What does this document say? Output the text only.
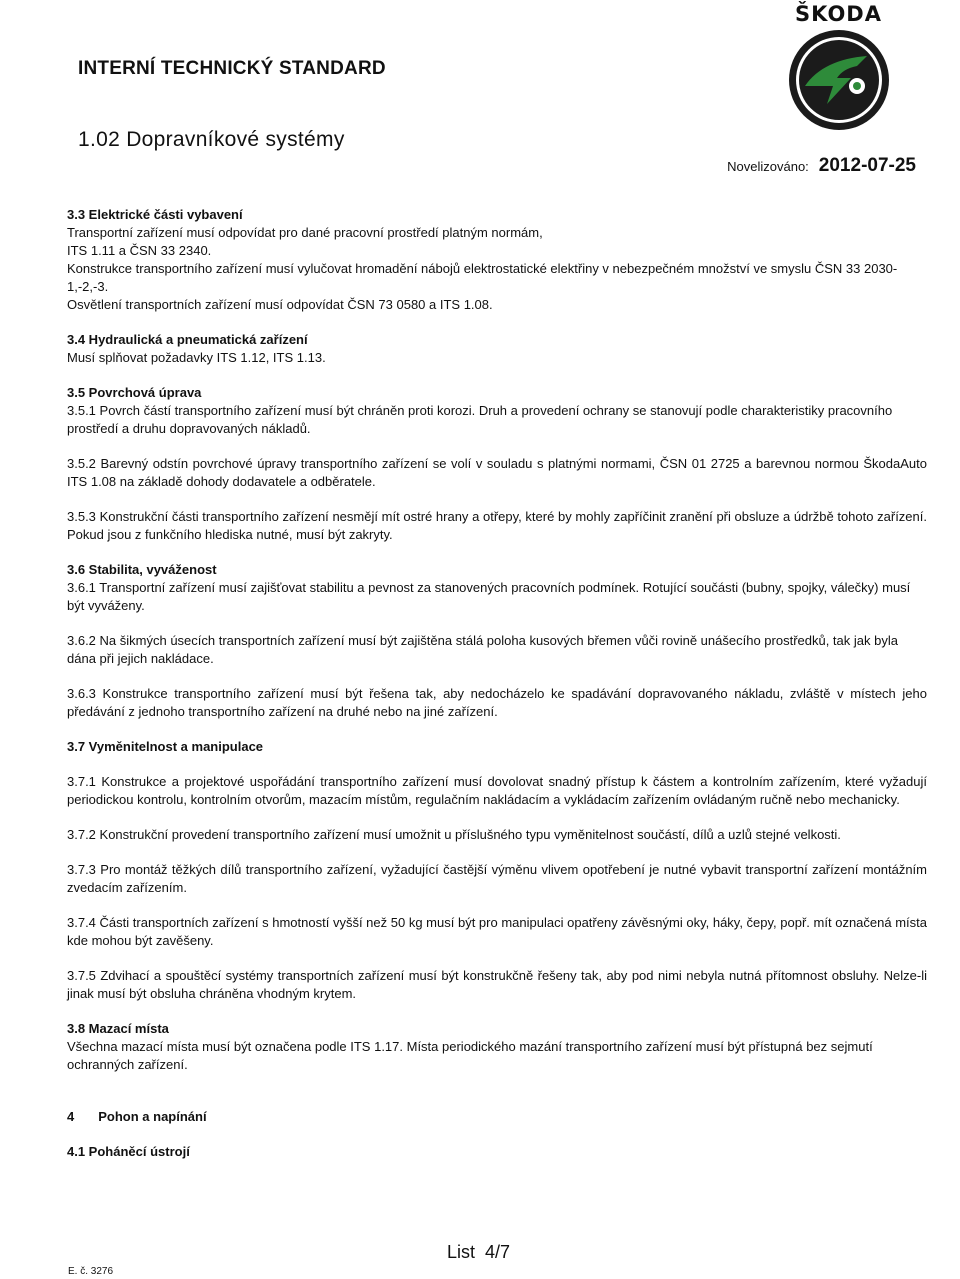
ŠKODA
INTERNÍ TECHNICKÝ STANDARD
1.02 Dopravníkové systémy
Novelizováno: 2012-07-25
3.3 Elektrické části vybavení

Transportní zařízení musí odpovídat pro dané pracovní prostředí platným normám,

ITS 1.11 a ČSN 33 2340.

Konstrukce transportního zařízení musí vylučovat hromadění nábojů elektrostatické elektřiny v nebezpečném množství ve smyslu ČSN 33 2030-1,-2,-3.

Osvětlení transportních zařízení musí odpovídat ČSN 73 0580 a ITS 1.08.

3.4 Hydraulická a pneumatická zařízení

Musí splňovat požadavky ITS 1.12, ITS 1.13.

3.5 Povrchová úprava

3.5.1 Povrch částí transportního zařízení musí být chráněn proti korozi. Druh a provedení ochrany se stanovují podle charakteristiky pracovního prostředí a druhu dopravovaných nákladů.

3.5.2 Barevný odstín povrchové úpravy transportního zařízení se volí v souladu s platnými normami, ČSN 01 2725 a barevnou normou ŠkodaAuto ITS 1.08 na základě dohody dodavatele a odběratele.

3.5.3 Konstrukční části transportního zařízení nesmějí mít ostré hrany a otřepy, které by mohly zapříčinit zranění při obsluze a údržbě tohoto zařízení. Pokud jsou z funkčního hlediska nutné, musí být zakryty.

3.6 Stabilita, vyváženost

3.6.1 Transportní zařízení musí zajišťovat stabilitu a pevnost za stanovených pracovních podmínek. Rotující součásti (bubny, spojky, válečky) musí být vyváženy.

3.6.2 Na šikmých úsecích transportních zařízení musí být zajištěna stálá poloha kusových břemen vůči rovině unášecího prostředků, tak jak byla dána při jejich nakládace.

3.6.3 Konstrukce transportního zařízení musí být řešena tak, aby nedocházelo ke spadávání dopravovaného nákladu, zvláště v místech jeho předávání z jednoho transportního zařízení na druhé nebo na jiné zařízení.

3.7 Vyměnitelnost a manipulace

3.7.1 Konstrukce a projektové uspořádání transportního zařízení musí dovolovat snadný přístup k částem a kontrolním zařízením, které vyžadují periodickou kontrolu, kontrolním otvorům, mazacím místům, regulačním nakládacím a vykládacím zařízením ovládaným ručně nebo mechanicky.

3.7.2 Konstrukční provedení transportního zařízení musí umožnit u příslušného typu vyměnitelnost součástí, dílů a uzlů stejné velkosti.

3.7.3 Pro montáž těžkých dílů transportního zařízení, vyžadující častější výměnu vlivem opotřebení je nutné vybavit transportní zařízení montážním zvedacím zařízením.

3.7.4 Části transportních zařízení s hmotností vyšší než 50 kg musí být pro manipulaci opatřeny závěsnými oky, háky, čepy, popř. mít označená místa kde mohou být zavěšeny.

3.7.5 Zdvihací a spouštěcí systémy transportních zařízení musí být konstrukčně řešeny tak, aby pod nimi nebyla nutná přítomnost obsluhy. Nelze-li jinak musí být obsluha chráněna vhodným krytem.

3.8 Mazací místa

Všechna mazací místa musí být označena podle ITS 1.17. Místa periodického mazání transportního zařízení musí být přístupná bez sejmutí ochranných zařízení.

4 Pohon a napínání
4.1 Poháněcí ústrojí
List  4/7
E. č. 3276
